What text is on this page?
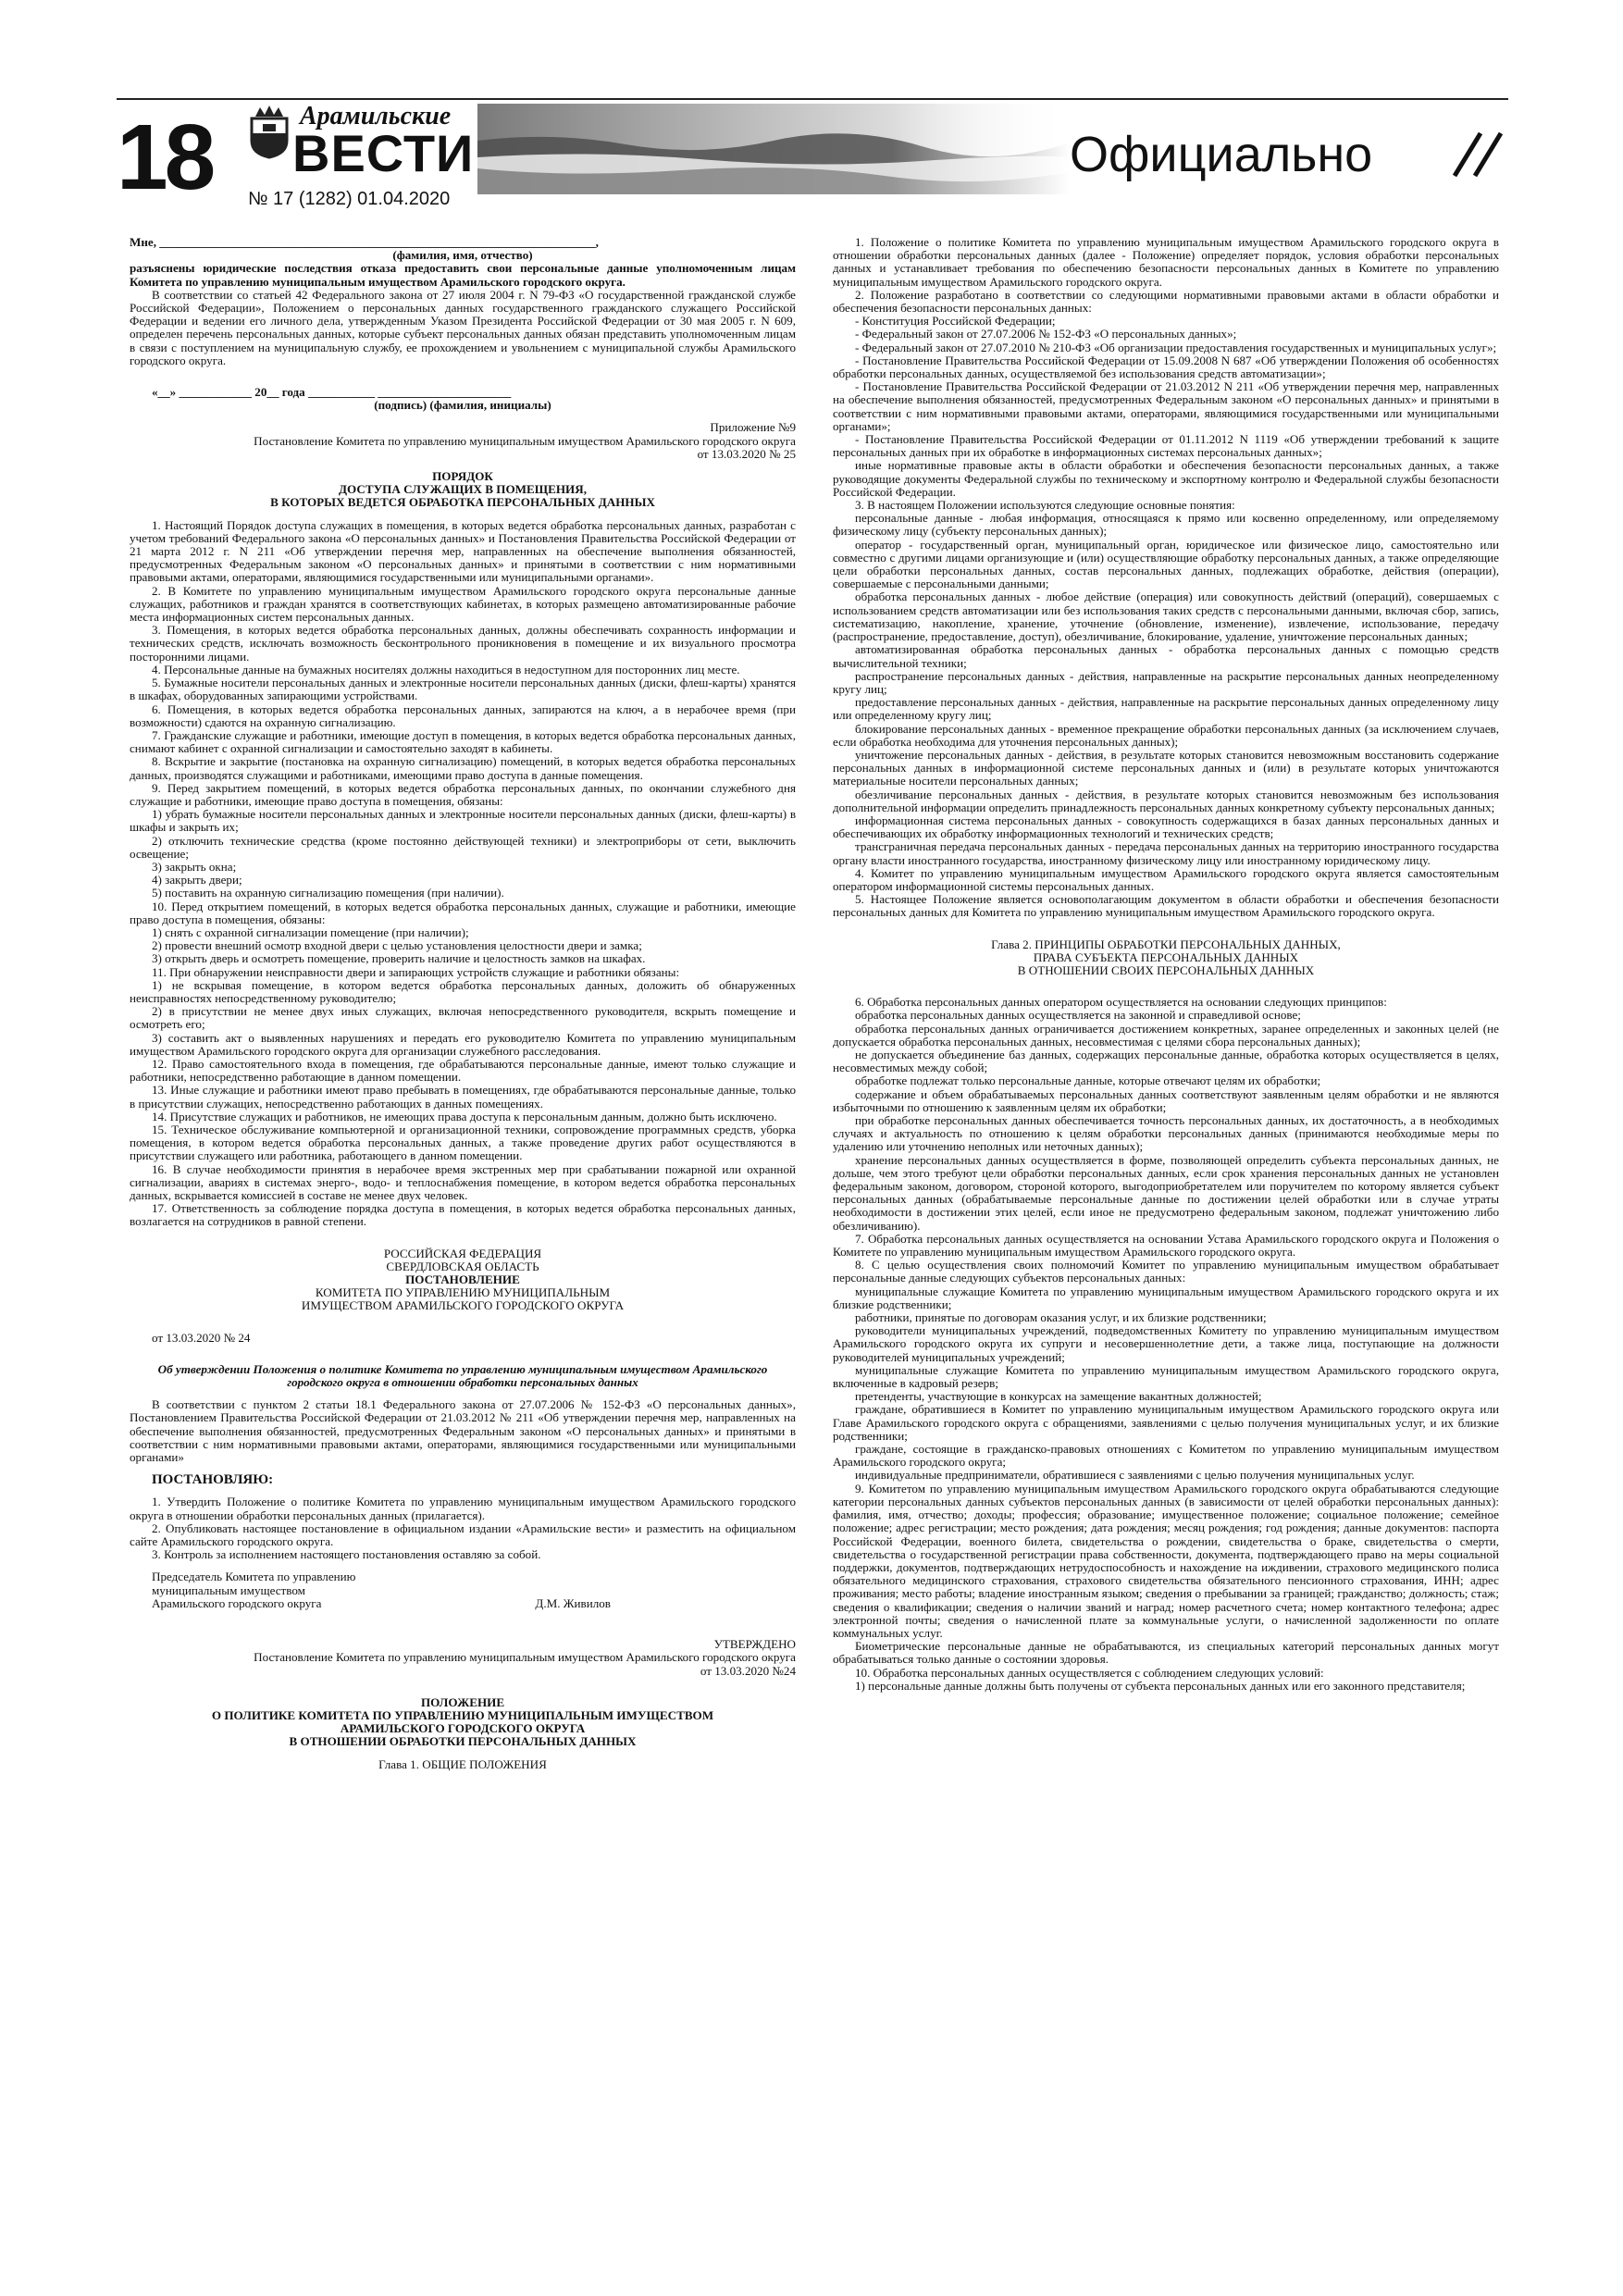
18	Арамильские
ВЕСТИ
№ 17 (1282) 01.04.2020
Официально

Мне, ________________________________________________________________________,

(фамилия, имя, отчество)

разъяснены юридические последствия отказа предоставить свои персональные данные уполномоченным лицам Комитета по управлению муниципальным имуществом Арамильского городского округа.

В соответствии со статьей 42 Федерального закона от 27 июля 2004 г. N 79-ФЗ «О государственной гражданской службе Российской Федерации», Положением о персональных данных государственного гражданского служащего Российской Федерации и ведении его личного дела, утвержденным Указом Президента Российской Федерации от 30 мая 2005 г. N 609, определен перечень персональных данных, которые субъект персональных данных обязан представить уполномоченным лицам в связи с поступлением на муниципальную службу, ее прохождением и увольнением с муниципальной службы Арамильского городского округа.

«__» ____________ 20__ года ___________ ______________________

(подпись) (фамилия, инициалы)

Приложение №9

Постановление Комитета по управлению муниципальным имуществом Арамильского городского округа

от 13.03.2020 № 25

ПОРЯДОК

ДОСТУПА СЛУЖАЩИХ В ПОМЕЩЕНИЯ,

В КОТОРЫХ ВЕДЕТСЯ ОБРАБОТКА ПЕРСОНАЛЬНЫХ ДАННЫХ

1. Настоящий Порядок доступа служащих в помещения, в которых ведется обработка персональных данных, разработан с учетом требований Федерального закона «О персональных данных» и Постановления Правительства Российской Федерации от 21 марта 2012 г. N 211 «Об утверждении перечня мер, направленных на обеспечение выполнения обязанностей, предусмотренных Федеральным законом «О персональных данных» и принятыми в соответствии с ним нормативными правовыми актами, операторами, являющимися государственными или муниципальными органами».

2. В Комитете по управлению муниципальным имуществом Арамильского городского округа персональные данные служащих, работников и граждан хранятся в соответствующих кабинетах, в которых размещено автоматизированные рабочие места информационных систем персональных данных.

3. Помещения, в которых ведется обработка персональных данных, должны обеспечивать сохранность информации и технических средств, исключать возможность бесконтрольного проникновения в помещение и их визуального просмотра посторонними лицами.

4. Персональные данные на бумажных носителях должны находиться в недоступном для посторонних лиц месте.

5. Бумажные носители персональных данных и электронные носители персональных данных (диски, флеш-карты) хранятся в шкафах, оборудованных запирающими устройствами.

6. Помещения, в которых ведется обработка персональных данных, запираются на ключ, а в нерабочее время (при возможности) сдаются на охранную сигнализацию.

7. Гражданские служащие и работники, имеющие доступ в помещения, в которых ведется обработка персональных данных, снимают кабинет с охранной сигнализации и самостоятельно заходят в кабинеты.

8. Вскрытие и закрытие (постановка на охранную сигнализацию) помещений, в которых ведется обработка персональных данных, производятся служащими и работниками, имеющими право доступа в данные помещения.

9. Перед закрытием помещений, в которых ведется обработка персональных данных, по окончании служебного дня служащие и работники, имеющие право доступа в помещения, обязаны:

1) убрать бумажные носители персональных данных и электронные носители персональных данных (диски, флеш-карты) в шкафы и закрыть их;

2) отключить технические средства (кроме постоянно действующей техники) и электроприборы от сети, выключить освещение;

3) закрыть окна;

4) закрыть двери;

5) поставить на охранную сигнализацию помещения (при наличии).

10. Перед открытием помещений, в которых ведется обработка персональных данных, служащие и работники, имеющие право доступа в помещения, обязаны:

1) снять с охранной сигнализации помещение (при наличии);

2) провести внешний осмотр входной двери с целью установления целостности двери и замка;

3) открыть дверь и осмотреть помещение, проверить наличие и целостность замков на шкафах.

11. При обнаружении неисправности двери и запирающих устройств служащие и работники обязаны:

1) не вскрывая помещение, в котором ведется обработка персональных данных, доложить об обнаруженных неисправностях непосредственному руководителю;

2) в присутствии не менее двух иных служащих, включая непосредственного руководителя, вскрыть помещение и осмотреть его;

3) составить акт о выявленных нарушениях и передать его руководителю Комитета по управлению муниципальным имуществом Арамильского городского округа для организации служебного расследования.

12. Право самостоятельного входа в помещения, где обрабатываются персональные данные, имеют только служащие и работники, непосредственно работающие в данном помещении.

13. Иные служащие и работники имеют право пребывать в помещениях, где обрабатываются персональные данные, только в присутствии служащих, непосредственно работающих в данных помещениях.

14. Присутствие служащих и работников, не имеющих права доступа к персональным данным, должно быть исключено.

15. Техническое обслуживание компьютерной и организационной техники, сопровождение программных средств, уборка помещения, в котором ведется обработка персональных данных, а также проведение других работ осуществляются в присутствии служащего или работника, работающего в данном помещении.

16. В случае необходимости принятия в нерабочее время экстренных мер при срабатывании пожарной или охранной сигнализации, авариях в системах энерго-, водо- и теплоснабжения помещение, в котором ведется обработка персональных данных, вскрывается комиссией в составе не менее двух человек.

17. Ответственность за соблюдение порядка доступа в помещения, в которых ведется обработка персональных данных, возлагается на сотрудников в равной степени.

РОССИЙСКАЯ ФЕДЕРАЦИЯ

СВЕРДЛОВСКАЯ ОБЛАСТЬ

ПОСТАНОВЛЕНИЕ

КОМИТЕТА ПО УПРАВЛЕНИЮ МУНИЦИПАЛЬНЫМ

ИМУЩЕСТВОМ АРАМИЛЬСКОГО ГОРОДСКОГО ОКРУГА

от 13.03.2020 № 24

Об утверждении Положения о политике Комитета по управлению муниципальным имуществом Арамильского городского округа в отношении обработки персональных данных

В соответствии с пунктом 2 статьи 18.1 Федерального закона от 27.07.2006 № 152-ФЗ «О персональных данных», Постановлением Правительства Российской Федерации от 21.03.2012 № 211 «Об утверждении перечня мер, направленных на обеспечение выполнения обязанностей, предусмотренных Федеральным законом «О персональных данных» и принятыми в соответствии с ним нормативными правовыми актами, операторами, являющимися государственными или муниципальными органами»

ПОСТАНОВЛЯЮ:

1. Утвердить Положение о политике Комитета по управлению муниципальным имуществом Арамильского городского округа в отношении обработки персональных данных (прилагается).

2. Опубликовать настоящее постановление в официальном издании «Арамильские вести» и разместить на официальном сайте Арамильского городского округа.

3. Контроль за исполнением настоящего постановления оставляю за собой.

Председатель Комитета по управлению

муниципальным имуществом

Арамильского городского округа	Д.М. Живилов

УТВЕРЖДЕНО

Постановление Комитета по управлению муниципальным имуществом Арамильского городского округа

от 13.03.2020 №24

ПОЛОЖЕНИЕ

О ПОЛИТИКЕ КОМИТЕТА ПО УПРАВЛЕНИЮ МУНИЦИПАЛЬНЫМ ИМУЩЕСТВОМ

АРАМИЛЬСКОГО ГОРОДСКОГО ОКРУГА

В ОТНОШЕНИИ ОБРАБОТКИ ПЕРСОНАЛЬНЫХ ДАННЫХ

Глава 1. ОБЩИЕ ПОЛОЖЕНИЯ

1. Положение о политике Комитета по управлению муниципальным имуществом Арамильского городского округа в отношении обработки персональных данных (далее - Положение) определяет порядок, условия обработки персональных данных и устанавливает требования по обеспечению безопасности персональных данных в Комитете по управлению муниципальным имуществом Арамильского городского округа.

2. Положение разработано в соответствии со следующими нормативными правовыми актами в области обработки и обеспечения безопасности персональных данных:

- Конституция Российской Федерации;

- Федеральный закон от 27.07.2006 № 152-ФЗ «О персональных данных»;

- Федеральный закон от 27.07.2010 № 210-ФЗ «Об организации предоставления государственных и муниципальных услуг»;

- Постановление Правительства Российской Федерации от 15.09.2008 N 687 «Об утверждении Положения об особенностях обработки персональных данных, осуществляемой без использования средств автоматизации»;

- Постановление Правительства Российской Федерации от 21.03.2012 N 211 «Об утверждении перечня мер, направленных на обеспечение выполнения обязанностей, предусмотренных Федеральным законом «О персональных данных» и принятыми в соответствии с ним нормативными правовыми актами, операторами, являющимися государственными или муниципальными органами»;

- Постановление Правительства Российской Федерации от 01.11.2012 N 1119 «Об утверждении требований к защите персональных данных при их обработке в информационных системах персональных данных»;

иные нормативные правовые акты в области обработки и обеспечения безопасности персональных данных, а также руководящие документы Федеральной службы по техническому и экспортному контролю и Федеральной службы безопасности Российской Федерации.

3. В настоящем Положении используются следующие основные понятия:

персональные данные - любая информация, относящаяся к прямо или косвенно определенному, или определяемому физическому лицу (субъекту персональных данных);

оператор - государственный орган, муниципальный орган, юридическое или физическое лицо, самостоятельно или совместно с другими лицами организующие и (или) осуществляющие обработку персональных данных, а также определяющие цели обработки персональных данных, состав персональных данных, подлежащих обработке, действия (операции), совершаемые с персональными данными;

обработка персональных данных - любое действие (операция) или совокупность действий (операций), совершаемых с использованием средств автоматизации или без использования таких средств с персональными данными, включая сбор, запись, систематизацию, накопление, хранение, уточнение (обновление, изменение), извлечение, использование, передачу (распространение, предоставление, доступ), обезличивание, блокирование, удаление, уничтожение персональных данных;

автоматизированная обработка персональных данных - обработка персональных данных с помощью средств вычислительной техники;

распространение персональных данных - действия, направленные на раскрытие персональных данных неопределенному кругу лиц;

предоставление персональных данных - действия, направленные на раскрытие персональных данных определенному лицу или определенному кругу лиц;

блокирование персональных данных - временное прекращение обработки персональных данных (за исключением случаев, если обработка необходима для уточнения персональных данных);

уничтожение персональных данных - действия, в результате которых становится невозможным восстановить содержание персональных данных в информационной системе персональных данных и (или) в результате которых уничтожаются материальные носители персональных данных;

обезличивание персональных данных - действия, в результате которых становится невозможным без использования дополнительной информации определить принадлежность персональных данных конкретному субъекту персональных данных;

информационная система персональных данных - совокупность содержащихся в базах данных персональных данных и обеспечивающих их обработку информационных технологий и технических средств;

трансграничная передача персональных данных - передача персональных данных на территорию иностранного государства органу власти иностранного государства, иностранному физическому лицу или иностранному юридическому лицу.

4. Комитет по управлению муниципальным имуществом Арамильского городского округа является самостоятельным оператором информационной системы персональных данных.

5. Настоящее Положение является основополагающим документом в области обработки и обеспечения безопасности персональных данных для Комитета по управлению муниципальным имуществом Арамильского городского округа.

Глава 2. ПРИНЦИПЫ ОБРАБОТКИ ПЕРСОНАЛЬНЫХ ДАННЫХ,

ПРАВА СУБЪЕКТА ПЕРСОНАЛЬНЫХ ДАННЫХ

В ОТНОШЕНИИ СВОИХ ПЕРСОНАЛЬНЫХ ДАННЫХ

6. Обработка персональных данных оператором осуществляется на основании следующих принципов:

обработка персональных данных осуществляется на законной и справедливой основе;

обработка персональных данных ограничивается достижением конкретных, заранее определенных и законных целей (не допускается обработка персональных данных, несовместимая с целями сбора персональных данных);

не допускается объединение баз данных, содержащих персональные данные, обработка которых осуществляется в целях, несовместимых между собой;

обработке подлежат только персональные данные, которые отвечают целям их обработки;

содержание и объем обрабатываемых персональных данных соответствуют заявленным целям обработки и не являются избыточными по отношению к заявленным целям их обработки;

при обработке персональных данных обеспечивается точность персональных данных, их достаточность, а в необходимых случаях и актуальность по отношению к целям обработки персональных данных (принимаются необходимые меры по удалению или уточнению неполных или неточных данных);

хранение персональных данных осуществляется в форме, позволяющей определить субъекта персональных данных, не дольше, чем этого требуют цели обработки персональных данных, если срок хранения персональных данных не установлен федеральным законом, договором, стороной которого, выгодоприобретателем или поручителем по которому является субъект персональных данных (обрабатываемые персональные данные по достижении целей обработки или в случае утраты необходимости в достижении этих целей, если иное не предусмотрено федеральным законом, подлежат уничтожению либо обезличиванию).

7. Обработка персональных данных осуществляется на основании Устава Арамильского городского округа и Положения о Комитете по управлению муниципальным имуществом Арамильского городского округа.

8. С целью осуществления своих полномочий Комитет по управлению муниципальным имуществом обрабатывает персональные данные следующих субъектов персональных данных:

муниципальные служащие Комитета по управлению муниципальным имуществом Арамильского городского округа и их близкие родственники;

работники, принятые по договорам оказания услуг, и их близкие родственники;

руководители муниципальных учреждений, подведомственных Комитету по управлению муниципальным имуществом Арамильского городского округа их супруги и несовершеннолетние дети, а также лица, поступающие на должности руководителей муниципальных учреждений;

муниципальные служащие Комитета по управлению муниципальным имуществом Арамильского городского округа, включенные в кадровый резерв;

претенденты, участвующие в конкурсах на замещение вакантных должностей;

граждане, обратившиеся в Комитет по управлению муниципальным имуществом Арамильского городского округа или Главе Арамильского городского округа с обращениями, заявлениями с целью получения муниципальных услуг, и их близкие родственники;

граждане, состоящие в гражданско-правовых отношениях с Комитетом по управлению муниципальным имуществом Арамильского городского округа;

индивидуальные предприниматели, обратившиеся с заявлениями с целью получения муниципальных услуг.

9. Комитетом по управлению муниципальным имуществом Арамильского городского округа обрабатываются следующие категории персональных данных субъектов персональных данных (в зависимости от целей обработки персональных данных): фамилия, имя, отчество; доходы; профессия; образование; имущественное положение; социальное положение; семейное положение; адрес регистрации; место рождения; дата рождения; месяц рождения; год рождения; данные документов: паспорта Российской Федерации, военного билета, свидетельства о рождении, свидетельства о браке, свидетельства о смерти, свидетельства о государственной регистрации права собственности, документа, подтверждающего право на меры социальной поддержки, документов, подтверждающих нетрудоспособность и нахождение на иждивении, страхового медицинского полиса обязательного медицинского страхования, страхового свидетельства обязательного пенсионного страхования, ИНН; адрес проживания; место работы; владение иностранным языком; сведения о пребывании за границей; гражданство; должность; стаж; сведения о квалификации; сведения о наличии званий и наград; номер расчетного счета; номер контактного телефона; адрес электронной почты; сведения о начисленной плате за коммунальные услуги, о начисленной задолженности по оплате коммунальных услуг.

Биометрические персональные данные не обрабатываются, из специальных категорий персональных данных могут обрабатываться только данные о состоянии здоровья.

10. Обработка персональных данных осуществляется с соблюдением следующих условий:

1) персональные данные должны быть получены от субъекта персональных данных или его законного представителя;
